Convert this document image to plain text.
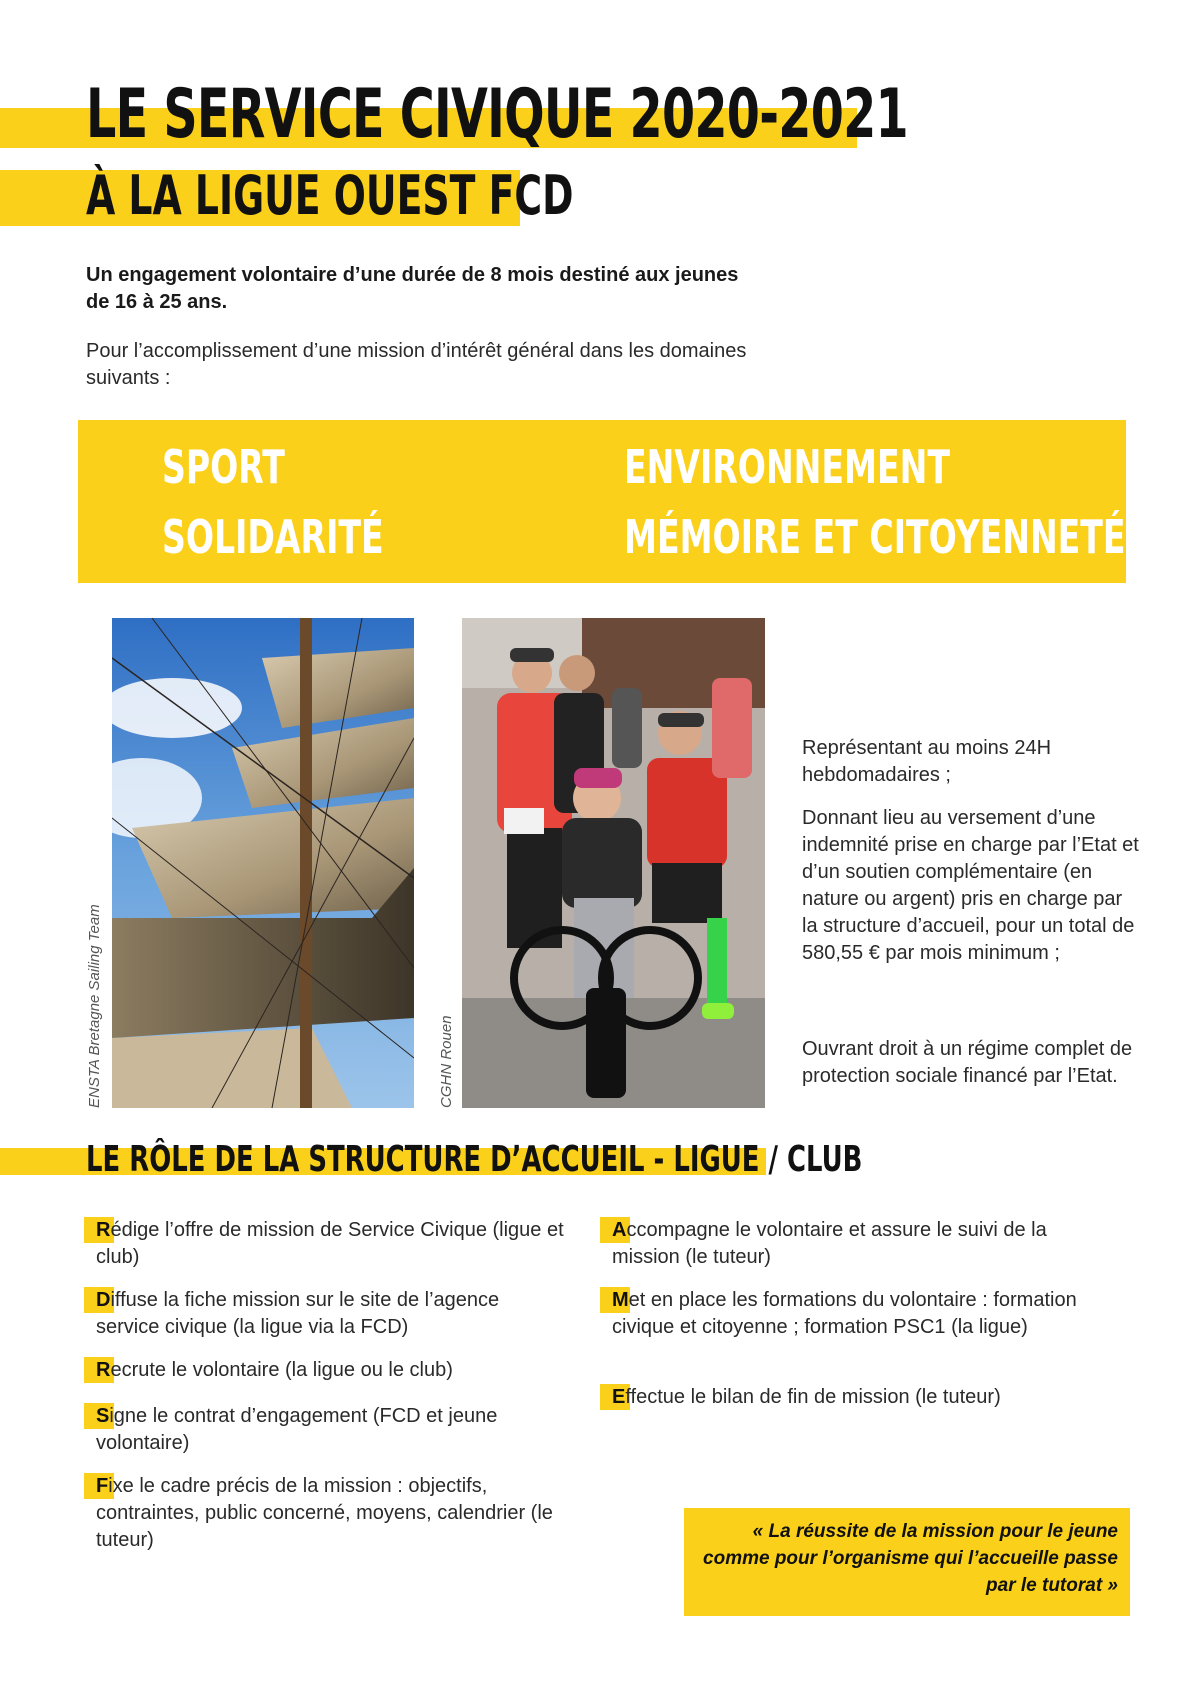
LE SERVICE CIVIQUE 2020-2021
À LA LIGUE OUEST FCD
Un engagement volontaire d’une durée de 8 mois destiné aux jeunes de 16 à 25 ans.
Pour l’accomplissement d’une mission d’intérêt général dans les domaines suivants :
SPORT
SOLIDARITÉ
ENVIRONNEMENT
MÉMOIRE ET CITOYENNETÉ
ENSTA Bretagne Sailing Team	CGHN Rouen
Représentant au moins 24H hebdomadaires ;
Donnant lieu au versement d’une indemnité prise en charge par l’Etat et d’un soutien complémentaire (en nature ou argent) pris en charge par la structure d’accueil, pour un total de 580,55 € par mois minimum ;
Ouvrant droit à un régime complet de protection sociale financé par l’Etat.
LE RÔLE DE LA STRUCTURE D’ACCUEIL - LIGUE / CLUB
Rédige l’offre de mission de Service Civique (ligue et club)
Diffuse la fiche mission sur le site de l’agence service civique (la ligue via la FCD)
Recrute le volontaire (la ligue ou le club)
Signe le contrat d’engagement (FCD et jeune volontaire)
Fixe le cadre précis de la mission : objectifs, contraintes, public concerné, moyens, calendrier (le tuteur)
Accompagne le volontaire et assure le suivi de la mission (le tuteur)
Met en place les formations du volontaire : formation civique et citoyenne ; formation PSC1 (la ligue)
Effectue le bilan de fin de mission (le tuteur)
« La réussite de la mission pour le jeune comme pour l’organisme qui l’accueille passe par le tutorat »
